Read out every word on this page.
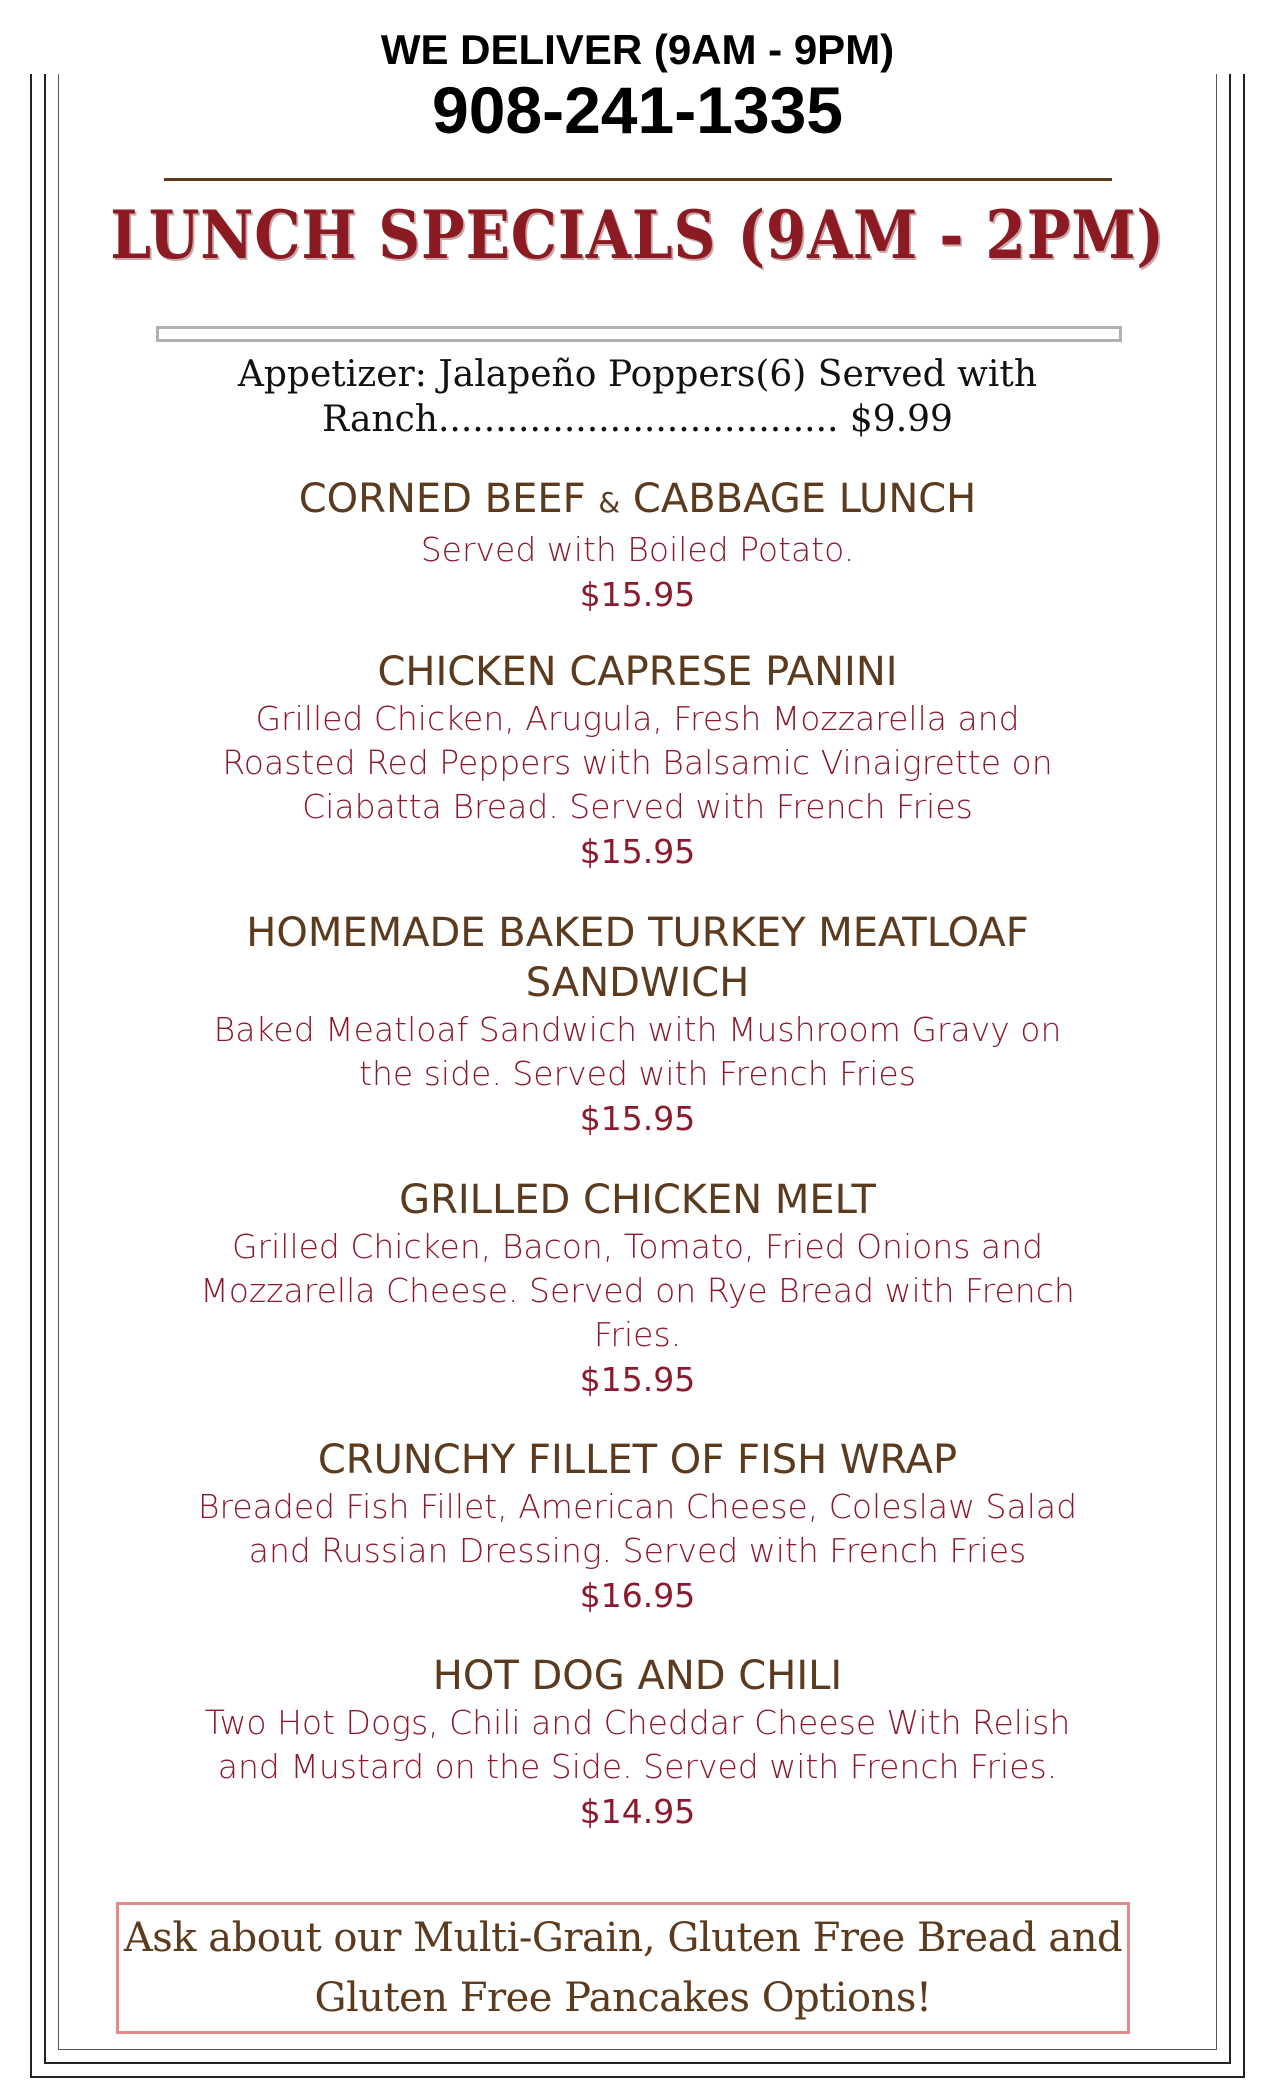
WE DELIVER (9AM - 9PM)
908-241-1335
LUNCH SPECIALS (9AM - 2PM)
Appetizer: Jalapeño Poppers(6) Served with
Ranch................................... $9.99
CORNED BEEF & CABBAGE LUNCH
Served with Boiled Potato.
$15.95
CHICKEN CAPRESE PANINI
Grilled Chicken, Arugula, Fresh Mozzarella and
Roasted Red Peppers with Balsamic Vinaigrette on
Ciabatta Bread. Served with French Fries
$15.95
HOMEMADE BAKED TURKEY MEATLOAF
SANDWICH
Baked Meatloaf Sandwich with Mushroom Gravy on
the side. Served with French Fries
$15.95
GRILLED CHICKEN MELT
Grilled Chicken, Bacon, Tomato, Fried Onions and
Mozzarella Cheese. Served on Rye Bread with French
Fries.
$15.95
CRUNCHY FILLET OF FISH WRAP
Breaded Fish Fillet, American Cheese, Coleslaw Salad
and Russian Dressing. Served with French Fries
$16.95
HOT DOG AND CHILI
Two Hot Dogs, Chili and Cheddar Cheese With Relish
and Mustard on the Side. Served with French Fries.
$14.95
Ask about our Multi-Grain, Gluten Free Bread and
Gluten Free Pancakes Options!
